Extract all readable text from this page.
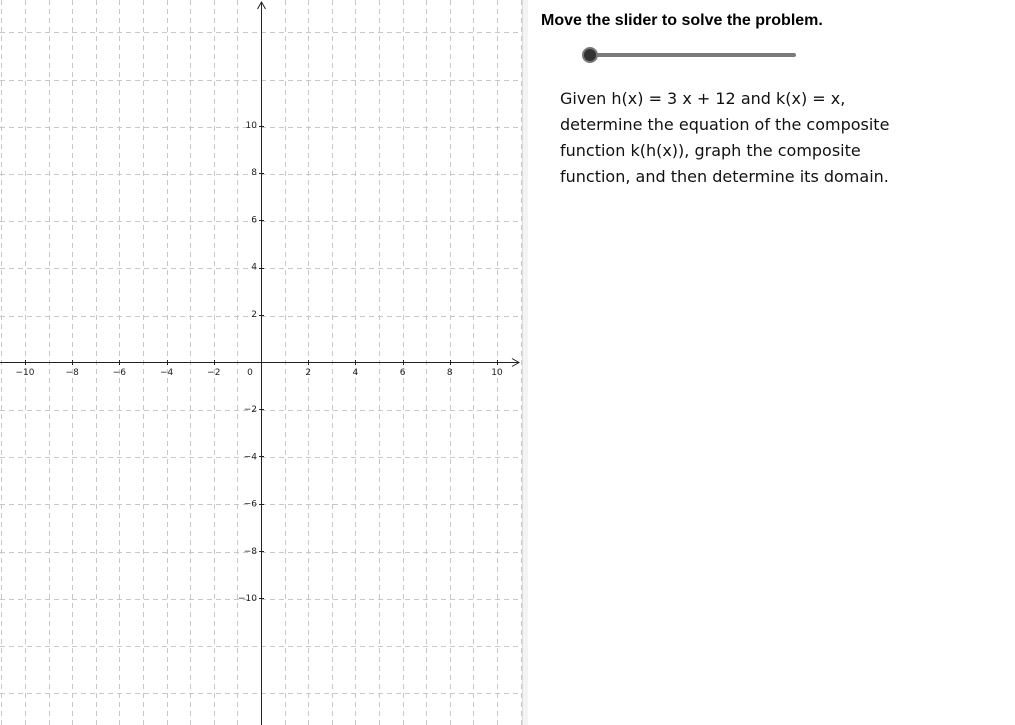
−10	−8	−6	−4	−2	0	2	4	6	8	10
10
8
6
4
2
−2
−4
−6
−8
−10
Move the slider to solve the problem.
Given h(x) = 3 x + 12 and k(x) = x, determine the equation of the composite function k(h(x)), graph the composite function, and then determine its domain.
